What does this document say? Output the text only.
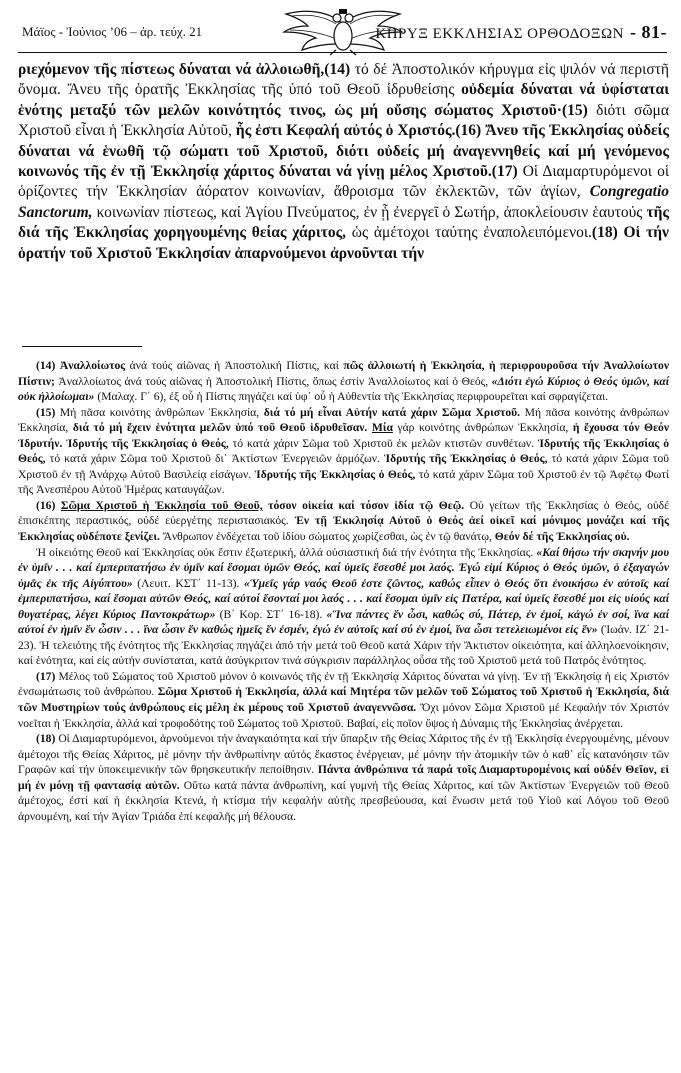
Μάϊος - Ἰούνιος ’06 – ἀρ. τεύχ. 21	ΚΗΡΥΞ ΕΚΚΛΗΣΙΑΣ ΟΡΘΟΔΟΞΩΝ - 81-

ριεχόμενον τῆς πίστεως δύναται νά ἀλλοιωθῆ,(14) τό δέ Ἀποστολικόν κήρυγμα εἰς ψιλόν νά περιστῆ ὄνομα. Ἄνευ τῆς ὁρατῆς Ἐκκλησίας τῆς ὑπό τοῦ Θεοῦ ἱδρυθείσης οὐδεμία δύναται νά ὑφίσταται ἑνότης μεταξύ τῶν μελῶν κοινότητός τινος, ὡς μή οὔσης σώματος Χριστοῦ·(15) διότι σῶμα Χριστοῦ εἶναι ἡ Ἐκκλησία Αὐτοῦ, ἧς ἐστι Κεφαλή αὐτός ὁ Χριστός.(16) Ἄνευ τῆς Ἐκκλησίας οὐδείς δύναται νά ἑνωθῆ τῷ σώματι τοῦ Χριστοῦ, διότι οὐδείς μή ἀναγεννηθείς καί μή γενόμενος κοινωνός τῆς ἐν τῇ Ἐκκλησίᾳ χάριτος δύναται νά γίνῃ μέλος Χριστοῦ.(17) Οἱ Διαμαρτυρόμενοι οἱ ὁρίζοντες τήν Ἐκκλησίαν ἀόρατον κοινωνίαν, ἄθροισμα τῶν ἐκλεκτῶν, τῶν ἁγίων, Congregatio Sanctorum, κοινωνίαν πίστεως, καί Ἁγίου Πνεύματος, ἐν ᾗ ἐνεργεῖ ὁ Σωτήρ, ἀποκλείουσιν ἑαυτούς τῆς διά τῆς Ἐκκλησίας χορηγουμένης θείας χάριτος, ὡς ἀμέτοχοι ταύτης ἐναπολειπόμενοι.(18) Οἱ τήν ὁρατήν τοῦ Χριστοῦ Ἐκκλησίαν ἀπαρνούμενοι ἀρνοῦνται τήν

(14) Ἀναλλοίωτος ἀνά τούς αἰῶνας ἡ Ἀποστολική Πίστις, καί πῶς ἀλλοιωτή ἡ Ἐκκλησία, ἡ περιφρουροῦσα τήν Ἀναλλοίωτον Πίστιν; Ἀναλλοίωτος ἀνά τούς αἰῶνας ἡ Ἀποστολική Πίστις, ὅπως ἐστίν Ἀναλλοίωτος καί ὁ Θεός, «Διότι ἐγώ Κύριος ὁ Θεός ὑμῶν, καί οὐκ ἠλλοίωμαι» (Μαλαχ. Γ΄ 6), ἐξ οὗ ἡ Πίστις πηγάζει καί ὑφ᾽ οὗ ἡ Αὐθεντία τῆς Ἐκκλησίας περιφρουρεῖται καί σφραγίζεται.

(15) Μή πᾶσα κοινότης ἀνθρώπων Ἐκκλησία, διά τό μή εἶναι Αὐτήν κατά χάριν Σῶμα Χριστοῦ. Μή πᾶσα κοινότης ἀνθρώπων Ἐκκλησία, διά τό μή ἔχειν ἑνότητα μελῶν ὑπό τοῦ Θεοῦ ἱδρυθεῖσαν. Μία γάρ κοινότης ἀνθρώπων Ἐκκλησία, ἡ ἔχουσα τόν Θεόν Ἱδρυτήν. Ἱδρυτής τῆς Ἐκκλησίας ὁ Θεός, τό κατά χάριν Σῶμα τοῦ Χριστοῦ ἐκ μελῶν κτιστῶν συνθέτων. Ἱδρυτής τῆς Ἐκκλησίας ὁ Θεός, τό κατά χάριν Σῶμα τοῦ Χριστοῦ δι᾽ Ἀκτίστων Ἐνεργειῶν ἁρμόζων. Ἱδρυτής τῆς Ἐκκλησίας ὁ Θεός, τό κατά χάριν Σῶμα τοῦ Χριστοῦ ἐν τῇ Ἀνάρχῳ Αὐτοῦ Βασιλείᾳ εἰσάγων. Ἱδρυτής τῆς Ἐκκλησίας ὁ Θεός, τό κατά χάριν Σῶμα τοῦ Χριστοῦ ἐν τῷ Ἀφέτῳ Φωτί τῆς Ἀνεσπέρου Αὐτοῦ Ἡμέρας καταυγάζων.

(16) Σῶμα Χριστοῦ ἡ Ἐκκλησία τοῦ Θεοῦ, τόσον οἰκεία καί τόσον ἰδία τῷ Θεῷ. Οὐ γείτων τῆς Ἐκκλησίας ὁ Θεός, οὐδέ ἐπισκέπτης περαστικός, οὐδέ εὐεργέτης περιστασιακός. Ἐν τῇ Ἐκκλησίᾳ Αὐτοῦ ὁ Θεός ἀεί οἰκεῖ καί μόνιμος μονάζει καί τῆς Ἐκκλησίας οὐδέποτε ξενίζει. Ἄνθρωπον ἐνδέχεται τοῦ ἰδίου σώματος χωρίζεσθαι, ὡς ἐν τῷ θανάτῳ, Θεόν δέ τῆς Ἐκκλησίας οὐ.

Ἡ οἰκειότης Θεοῦ καί Ἐκκλησίας οὐκ ἔστιν ἐξωτερική, ἀλλά οὐσιαστική διά τήν ἑνότητα τῆς Ἐκκλησίας. «Καί θήσω τήν σκηνήν μου ἐν ὑμῖν . . . καί ἐμπεριπατήσω ἐν ὑμῖν καί ἔσομαι ὑμῶν Θεός, καί ὑμεῖς ἔσεσθέ μοι λαός. Ἐγώ εἰμί Κύριος ὁ Θεός ὑμῶν, ὁ ἐξαγαγών ὑμᾶς ἐκ τῆς Αἰγύπτου» (Λευιτ. ΚΣΤ΄ 11-13). «Ὑμεῖς γάρ ναός Θεοῦ ἐστε ζῶντος, καθώς εἶπεν ὁ Θεός ὅτι ἐνοικήσω ἐν αὐτοῖς καί ἐμπεριπατήσω, καί ἔσομαι αὐτῶν Θεός, καί αὐτοί ἔσονταί μοι λαός . . . καί ἔσομαι ὑμῖν εἰς Πατέρα, καί ὑμεῖς ἔσεσθέ μοι εἰς υἱούς καί θυγατέρας, λέγει Κύριος Παντοκράτωρ» (Β΄ Κορ. ΣΤ΄ 16-18). «Ἵνα πάντες ἕν ὦσι, καθώς σύ, Πάτερ, ἐν ἐμοί, κἀγώ ἐν σοί, ἵνα καί αὐτοί ἐν ἡμῖν ἕν ὦσιν . . . ἵνα ὦσιν ἕν καθώς ἡμεῖς ἕν ἐσμέν, ἐγώ ἐν αὐτοῖς καί σύ ἐν ἐμοί, ἵνα ὦσι τετελειωμένοι εἰς ἕν» (Ἰωάν. ΙΖ΄ 21-23). Ἡ τελειότης τῆς ἑνότητος τῆς Ἐκκλησίας πηγάζει ἀπό τήν μετά τοῦ Θεοῦ κατά Χάριν τήν Ἄκτιστον οἰκειότητα, καί ἀλληλοενοίκησιν, καί ἑνότητα, καί εἰς αὐτήν συνίσταται, κατά ἀσύγκριτον τινά σύγκρισιν παράλληλος οὖσα τῆς τοῦ Χριστοῦ μετά τοῦ Πατρός ἑνότητος.

(17) Μέλος τοῦ Σώματος τοῦ Χριστοῦ μόνον ὁ κοινωνός τῆς ἐν τῇ Ἐκκλησίᾳ Χάριτος δύναται νά γίνῃ. Ἐν τῇ Ἐκκλησίᾳ ἡ εἰς Χριστόν ἐνσωμάτωσις τοῦ ἀνθρώπου. Σῶμα Χριστοῦ ἡ Ἐκκλησία, ἀλλά καί Μητέρα τῶν μελῶν τοῦ Σώματος τοῦ Χριστοῦ ἡ Ἐκκλησία, διά τῶν Μυστηρίων τούς ἀνθρώπους εἰς μέλη ἐκ μέρους τοῦ Χριστοῦ ἀναγεννῶσα. Ὄχι μόνον Σῶμα Χριστοῦ μέ Κεφαλήν τόν Χριστόν νοεῖται ἡ Ἐκκλησία, ἀλλά καί τροφοδότης τοῦ Σώματος τοῦ Χριστοῦ. Βαβαί, εἰς ποῖον ὕψος ἡ Δύναμις τῆς Ἐκκλησίας ἀνέρχεται.

(18) Οἱ Διαμαρτυρόμενοι, ἀρνούμενοι τήν ἀναγκαιότητα καί τήν ὕπαρξιν τῆς Θείας Χάριτος τῆς ἐν τῇ Ἐκκλησίᾳ ἐνεργουμένης, μένουν ἀμέτοχοι τῆς Θείας Χάριτος, μέ μόνην τήν ἀνθρωπίνην αὐτός ἕκαστος ἐνέργειαν, μέ μόνην τήν ἀτομικήν τῶν ὁ καθ᾽ εἷς κατανόησιν τῶν Γραφῶν καί τήν ὑποκειμενικήν τῶν θρησκευτικήν πεποίθησιν. Πάντα ἀνθρώπινα τά παρά τοῖς Διαμαρτυρομένοις καί οὐδέν Θεῖον, εἰ μή ἐν μόνῃ τῇ φαντασίᾳ αὐτῶν. Οὕτω κατά πάντα ἀνθρωπίνη, καί γυμνή τῆς Θείας Χάριτος, καί τῶν Ἀκτίστων Ἐνεργειῶν τοῦ Θεοῦ ἀμέτοχος, ἐστί καί ἡ ἐκκλησία Κτενά, ἡ κτίσμα τήν κεφαλήν αὐτῆς πρεσβεύουσα, καί ἕνωσιν μετά τοῦ Υἱοῦ καί Λόγου τοῦ Θεοῦ ἀρνουμένη, καί τήν Ἁγίαν Τριάδα ἐπί κεφαλῆς μή θέλουσα.
